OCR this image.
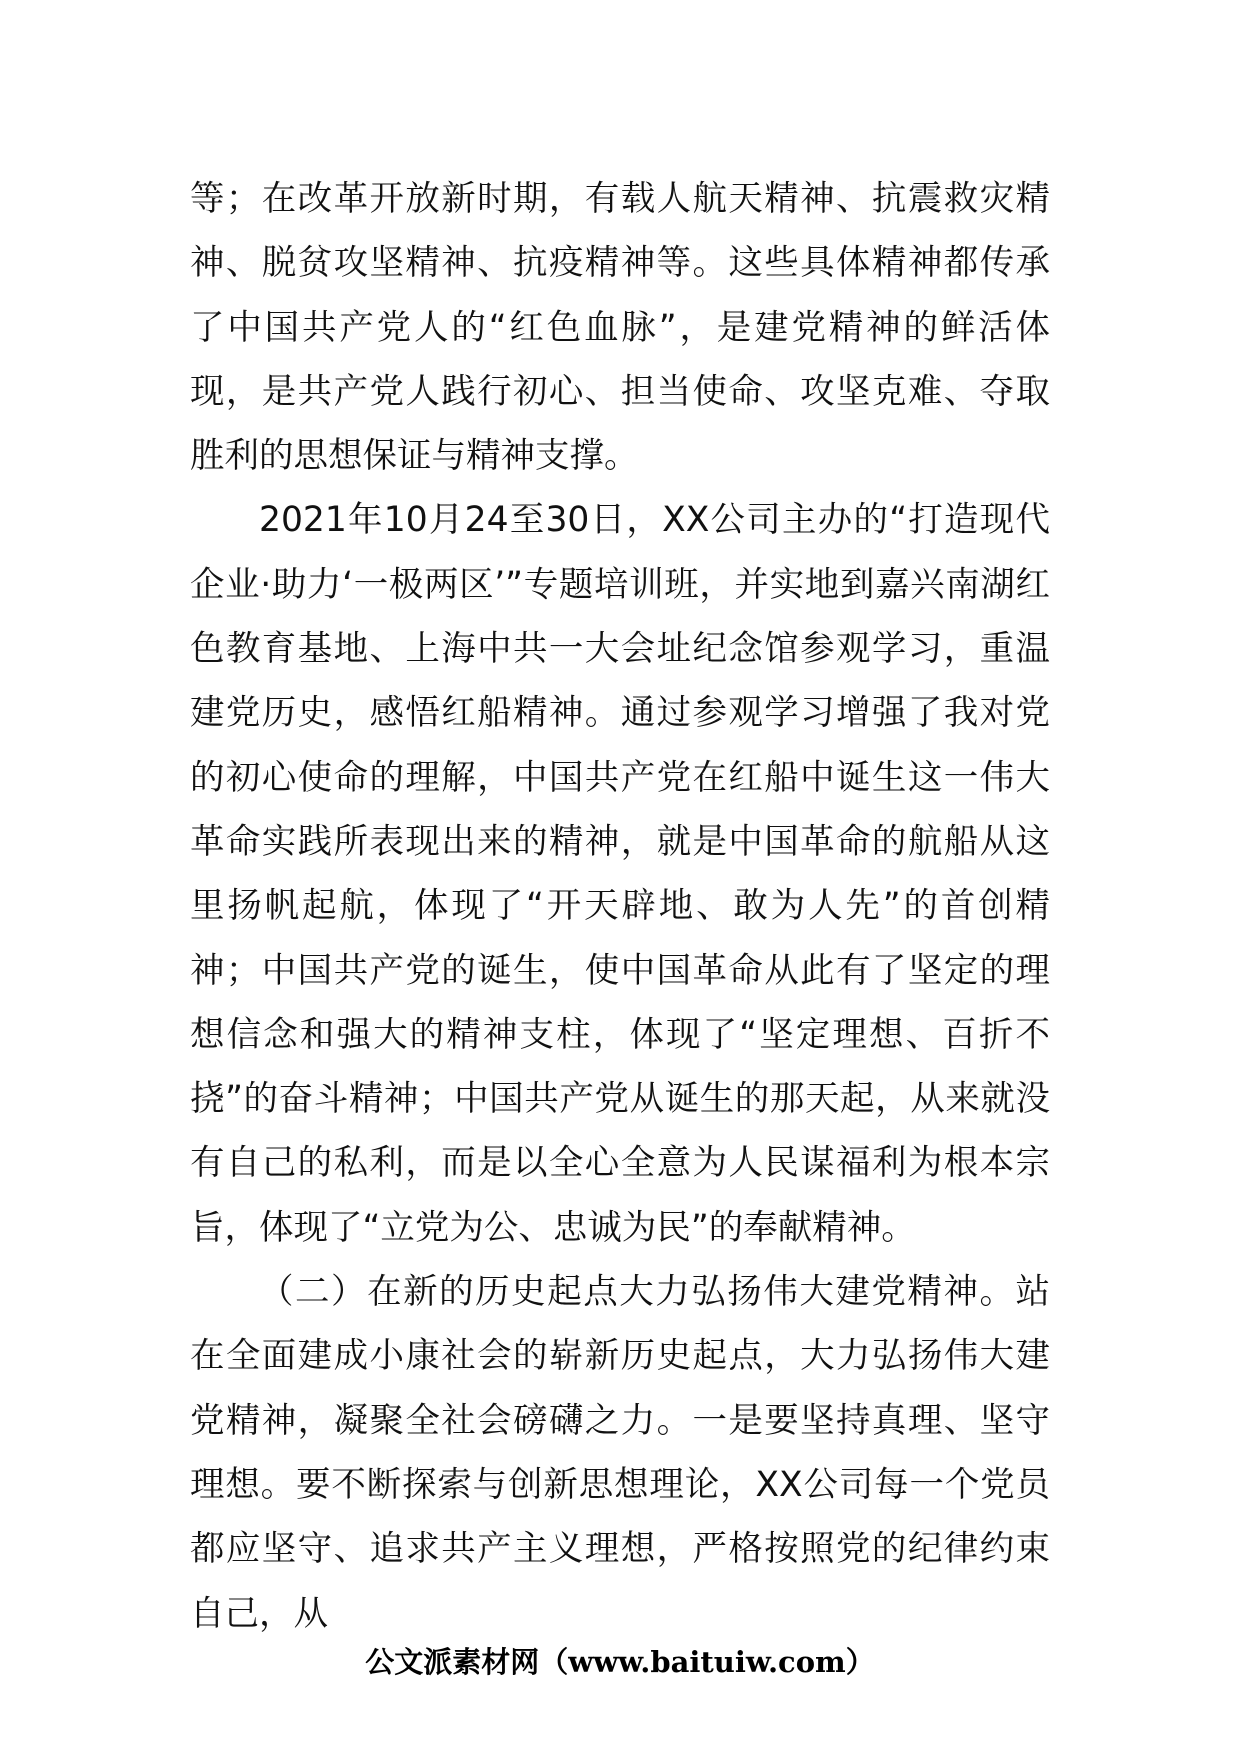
等；在改革开放新时期，有载人航天精神、抗震救灾精神、脱贫攻坚精神、抗疫精神等。这些具体精神都传承了中国共产党人的“红色血脉”，是建党精神的鲜活体现，是共产党人践行初心、担当使命、攻坚克难、夺取胜利的思想保证与精神支撑。

2021年10月24至30日，XX公司主办的“打造现代企业·助力‘一极两区’”专题培训班，并实地到嘉兴南湖红色教育基地、上海中共一大会址纪念馆参观学习，重温建党历史，感悟红船精神。通过参观学习增强了我对党的初心使命的理解，中国共产党在红船中诞生这一伟大革命实践所表现出来的精神，就是中国革命的航船从这里扬帆起航，体现了“开天辟地、敢为人先”的首创精神；中国共产党的诞生，使中国革命从此有了坚定的理想信念和强大的精神支柱，体现了“坚定理想、百折不挠”的奋斗精神；中国共产党从诞生的那天起，从来就没有自己的私利，而是以全心全意为人民谋福利为根本宗旨，体现了“立党为公、忠诚为民”的奉献精神。

（二）在新的历史起点大力弘扬伟大建党精神。站在全面建成小康社会的崭新历史起点，大力弘扬伟大建党精神，凝聚全社会磅礴之力。一是要坚持真理、坚守理想。要不断探索与创新思想理论，XX公司每一个党员都应坚守、追求共产主义理想，严格按照党的纪律约束自己，从

公文派素材网（www.baituiw.com）
